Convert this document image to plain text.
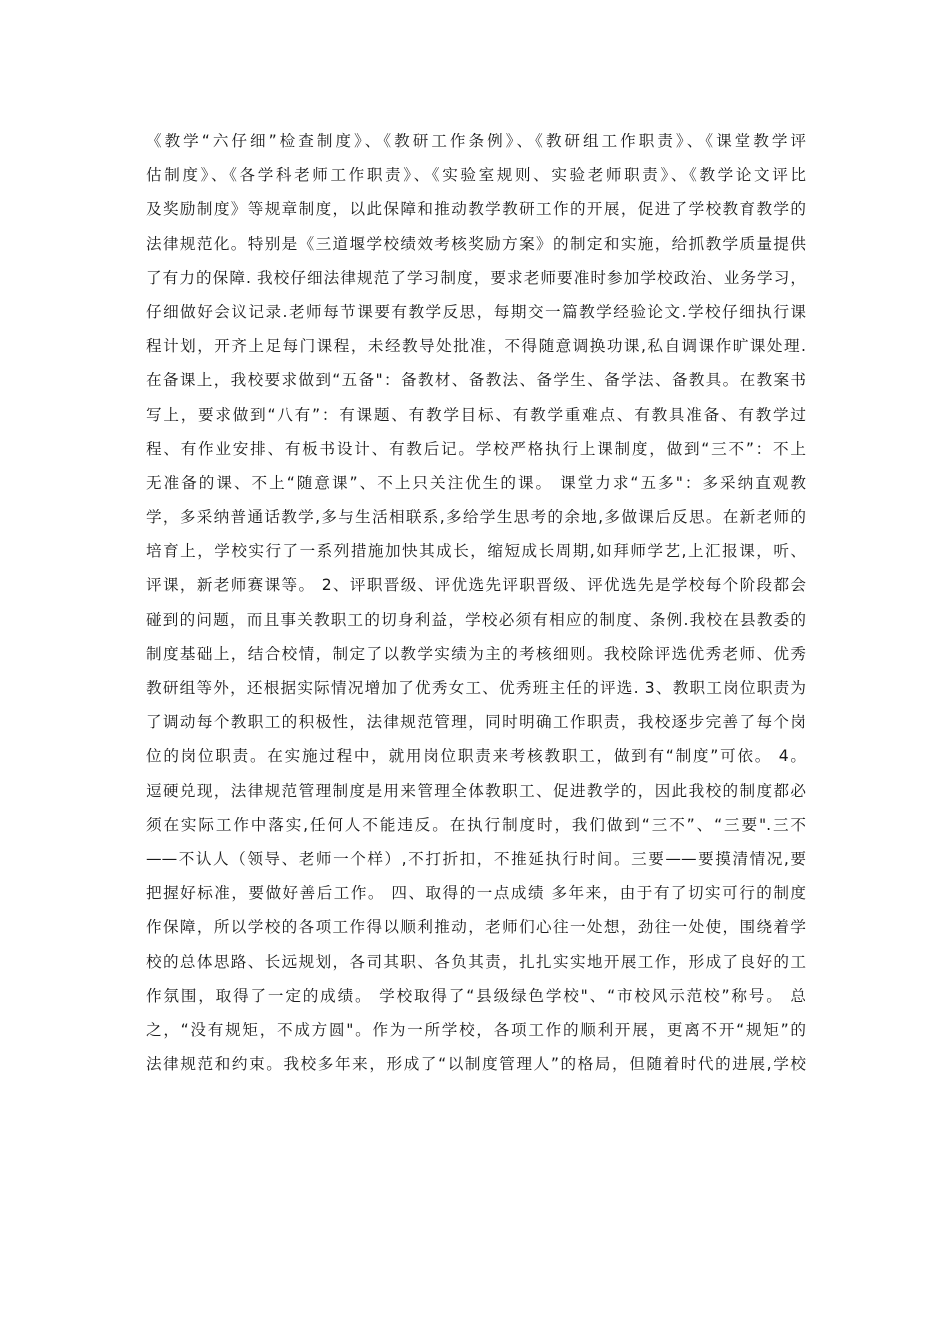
《教学“六仔细”检查制度》、《教研工作条例》、《教研组工作职责》、《课堂教学评
估制度》、《各学科老师工作职责》、《实验室规则、实验老师职责》、《教学论文评比
及奖励制度》等规章制度，以此保障和推动教学教研工作的开展，促进了学校教育教学的
法律规范化。特别是《三道堰学校绩效考核奖励方案》的制定和实施，给抓教学质量提供
了有力的保障. 我校仔细法律规范了学习制度，要求老师要准时参加学校政治、业务学习，
仔细做好会议记录.老师每节课要有教学反思，每期交一篇教学经验论文.学校仔细执行课
程计划，开齐上足每门课程，未经教导处批准，不得随意调换功课,私自调课作旷课处理.
在备课上，我校要求做到“五备"：备教材、备教法、备学生、备学法、备教具。在教案书
写上，要求做到“八有”：有课题、有教学目标、有教学重难点、有教具准备、有教学过
程、有作业安排、有板书设计、有教后记。学校严格执行上课制度，做到“三不”：不上
无准备的课、不上“随意课”、不上只关注优生的课。 课堂力求“五多"：多采纳直观教
学，多采纳普通话教学,多与生活相联系,多给学生思考的余地,多做课后反思。在新老师的
培育上，学校实行了一系列措施加快其成长，缩短成长周期,如拜师学艺,上汇报课，听、
评课，新老师赛课等。 2、评职晋级、评优选先评职晋级、评优选先是学校每个阶段都会
碰到的问题，而且事关教职工的切身利益，学校必须有相应的制度、条例.我校在县教委的
制度基础上，结合校情，制定了以教学实绩为主的考核细则。我校除评选优秀老师、优秀
教研组等外，还根据实际情况增加了优秀女工、优秀班主任的评选. 3、教职工岗位职责为
了调动每个教职工的积极性，法律规范管理，同时明确工作职责，我校逐步完善了每个岗
位的岗位职责。在实施过程中，就用岗位职责来考核教职工，做到有“制度”可依。 4。
逗硬兑现，法律规范管理制度是用来管理全体教职工、促进教学的，因此我校的制度都必
须在实际工作中落实,任何人不能违反。在执行制度时，我们做到“三不”、“三要".三不
——不认人（领导、老师一个样）,不打折扣，不推延执行时间。三要——要摸清情况,要
把握好标准，要做好善后工作。 四、取得的一点成绩 多年来，由于有了切实可行的制度
作保障，所以学校的各项工作得以顺利推动，老师们心往一处想，劲往一处使，围绕着学
校的总体思路、长远规划，各司其职、各负其责，扎扎实实地开展工作，形成了良好的工
作氛围，取得了一定的成绩。 学校取得了“县级绿色学校"、“市校风示范校”称号。 总
之，“没有规矩，不成方圆"。作为一所学校，各项工作的顺利开展，更离不开“规矩”的
法律规范和约束。我校多年来，形成了“以制度管理人”的格局，但随着时代的进展,学校
